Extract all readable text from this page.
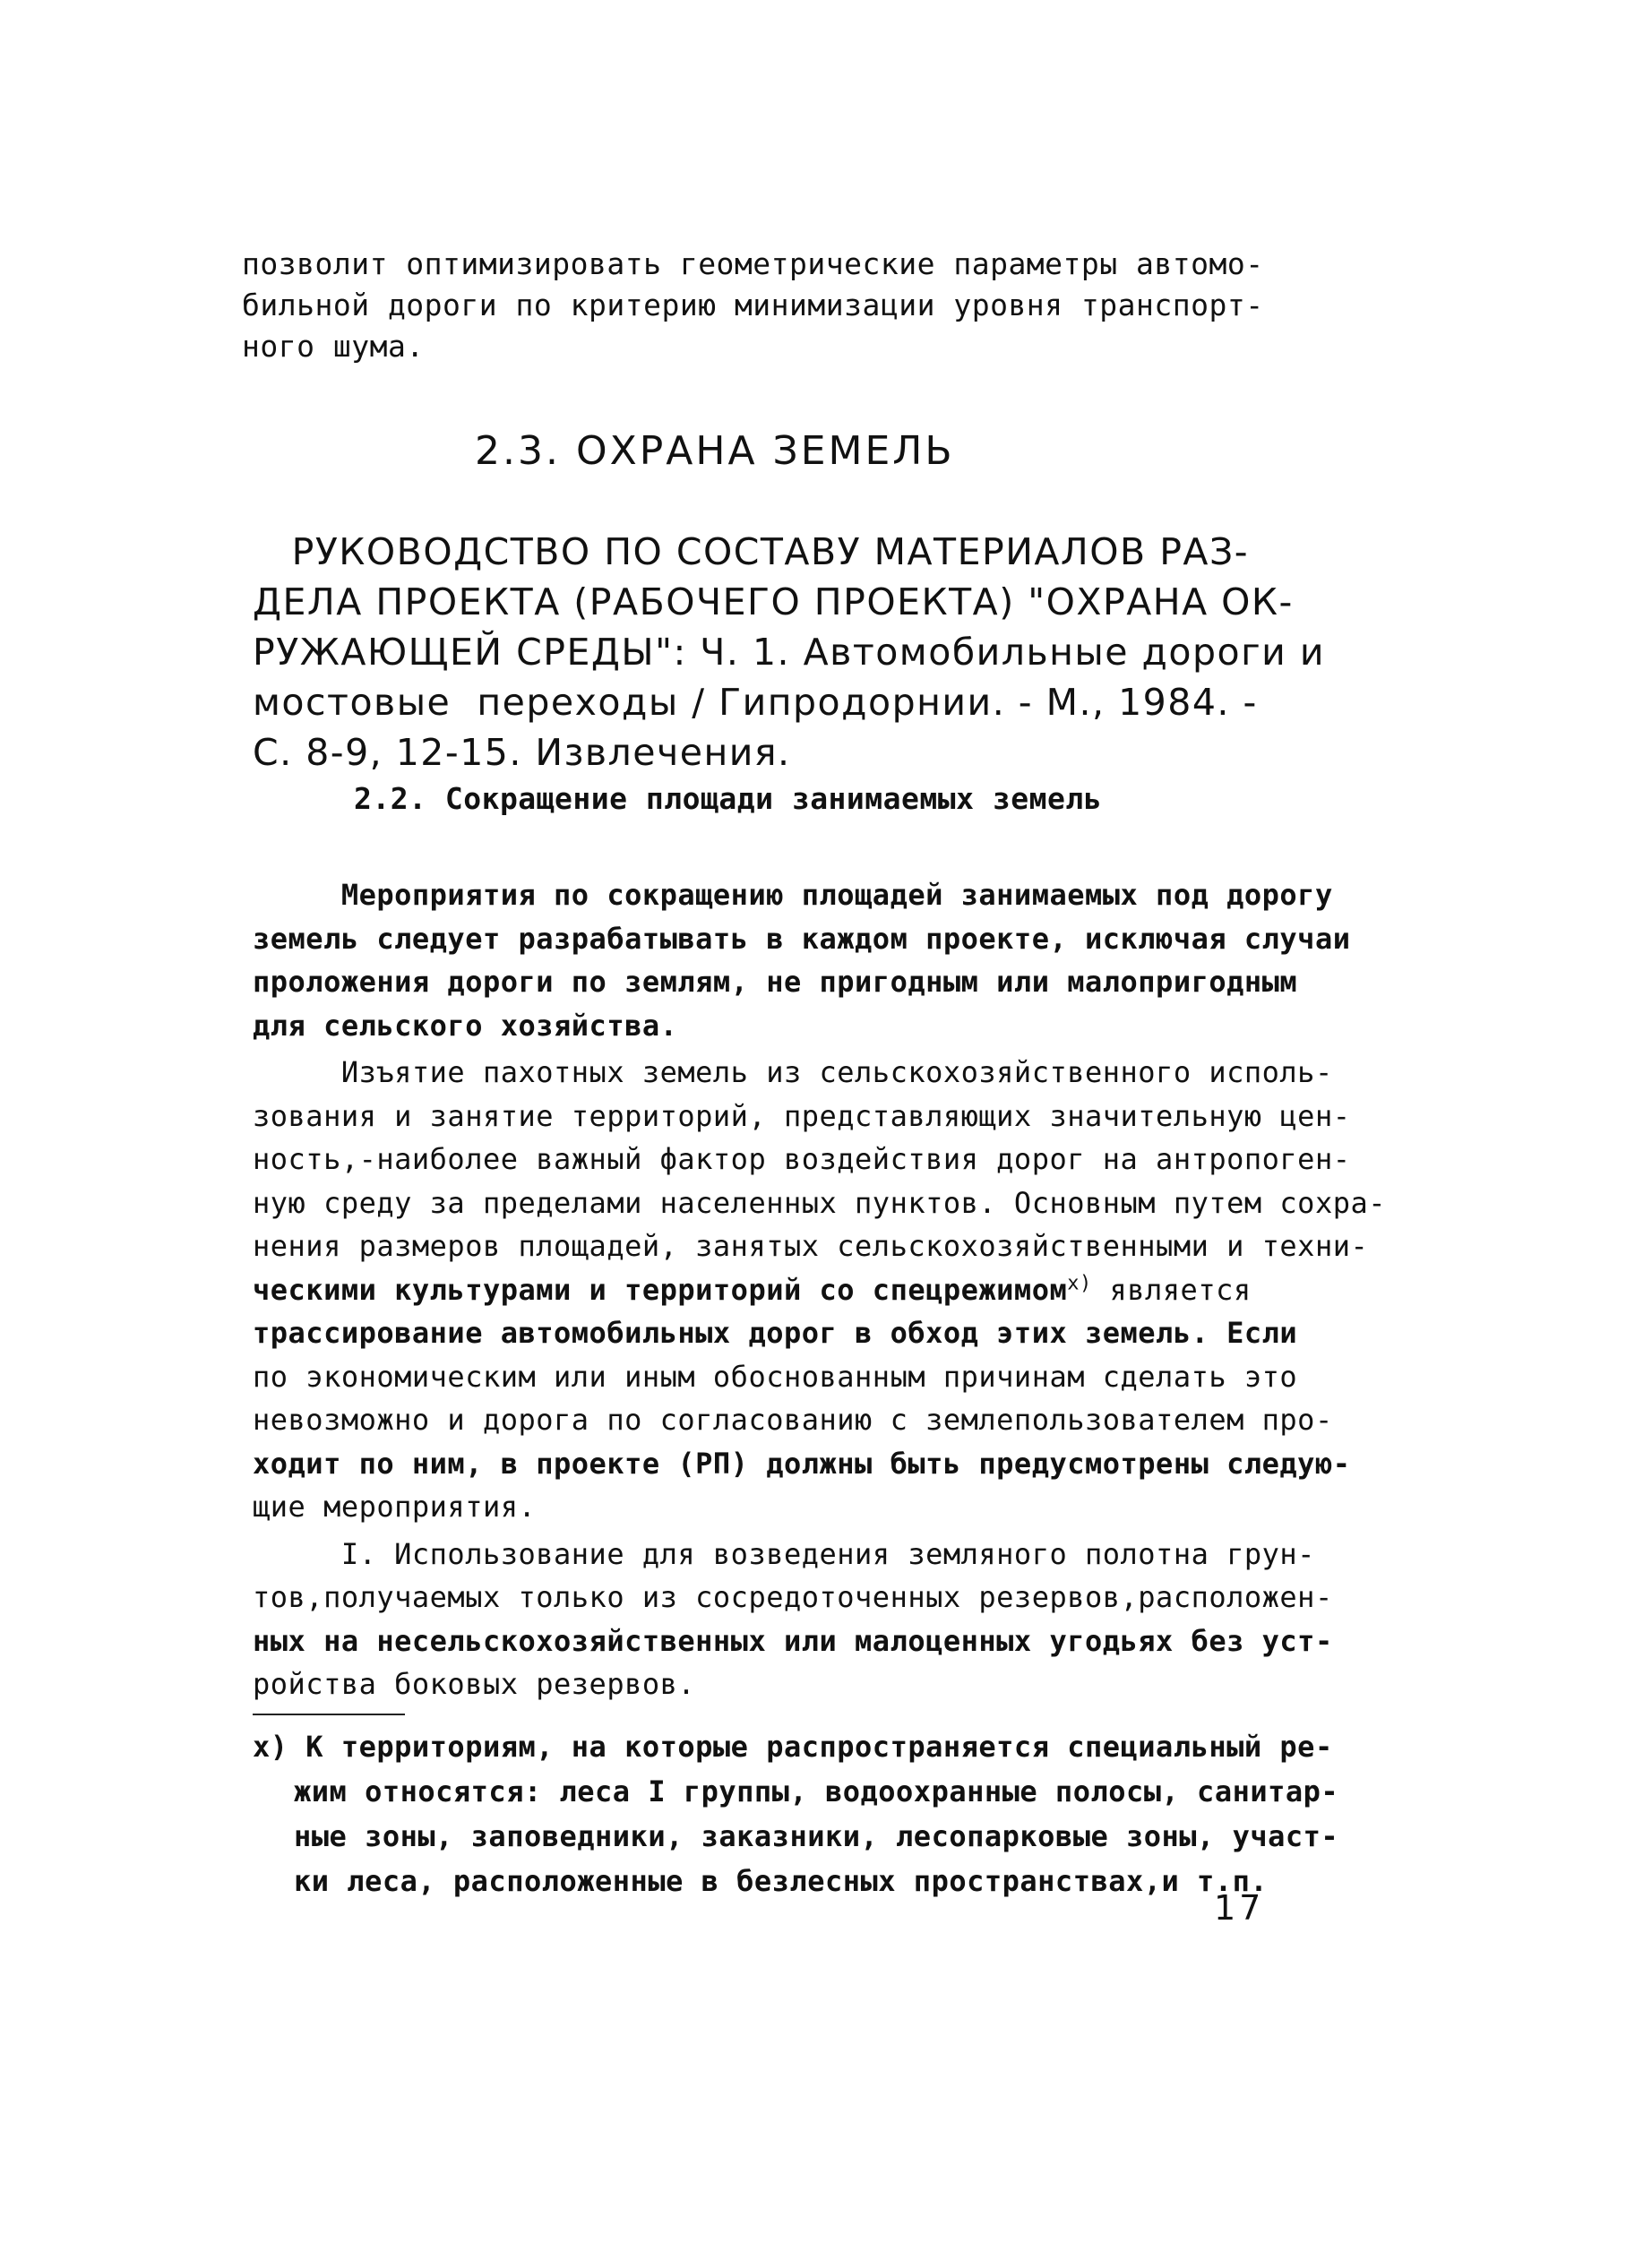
позволит оптимизировать геометрические параметры автомо-
бильной дороги по критерию минимизации уровня транспорт-
ного шума.
2.3. ОХРАНА ЗЕМЕЛЬ
РУКОВОДСТВО ПО СОСТАВУ МАТЕРИАЛОВ РАЗ-
ДЕЛА ПРОЕКТА (РАБОЧЕГО ПРОЕКТА) "ОХРАНА ОК-
РУЖАЮЩЕЙ СРЕДЫ": Ч. 1. Автомобильные дороги и
мостовые  переходы / Гипродорнии. - М., 1984. -
С. 8-9, 12-15. Извлечения.
2.2. Сокращение площади занимаемых земель
Мероприятия по сокращению площадей занимаемых под дорогу
земель следует разрабатывать в каждом проекте, исключая случаи
проложения дороги по землям, не пригодным или малопригодным
для сельского хозяйства.
Изъятие пахотных земель из сельскохозяйственного исполь-
зования и занятие территорий, представляющих значительную цен-
ность,-наиболее важный фактор воздействия дорог на антропоген-
ную среду за пределами населенных пунктов. Основным путем сохра-
нения размеров площадей, занятых сельскохозяйственными и техни-
ческими культурами и территорий со спецрежимом$^{х)}$ является
трассирование автомобильных дорог в обход этих земель. Если
по экономическим или иным обоснованным причинам сделать это
невозможно и дорога по согласованию с землепользователем про-
ходит по ним, в проекте (РП) должны быть предусмотрены следую-
щие мероприятия.
I. Использование для возведения земляного полотна грун-
тов,получаемых только из сосредоточенных резервов,расположен-
ных на несельскохозяйственных или малоценных угодьях без уст-
ройства боковых резервов.
х) К территориям, на которые распространяется специальный ре-
жим относятся: леса I группы, водоохранные полосы, санитар-
ные зоны, заповедники, заказники, лесопарковые зоны, участ-
ки леса, расположенные в безлесных пространствах,и т.п.
17
